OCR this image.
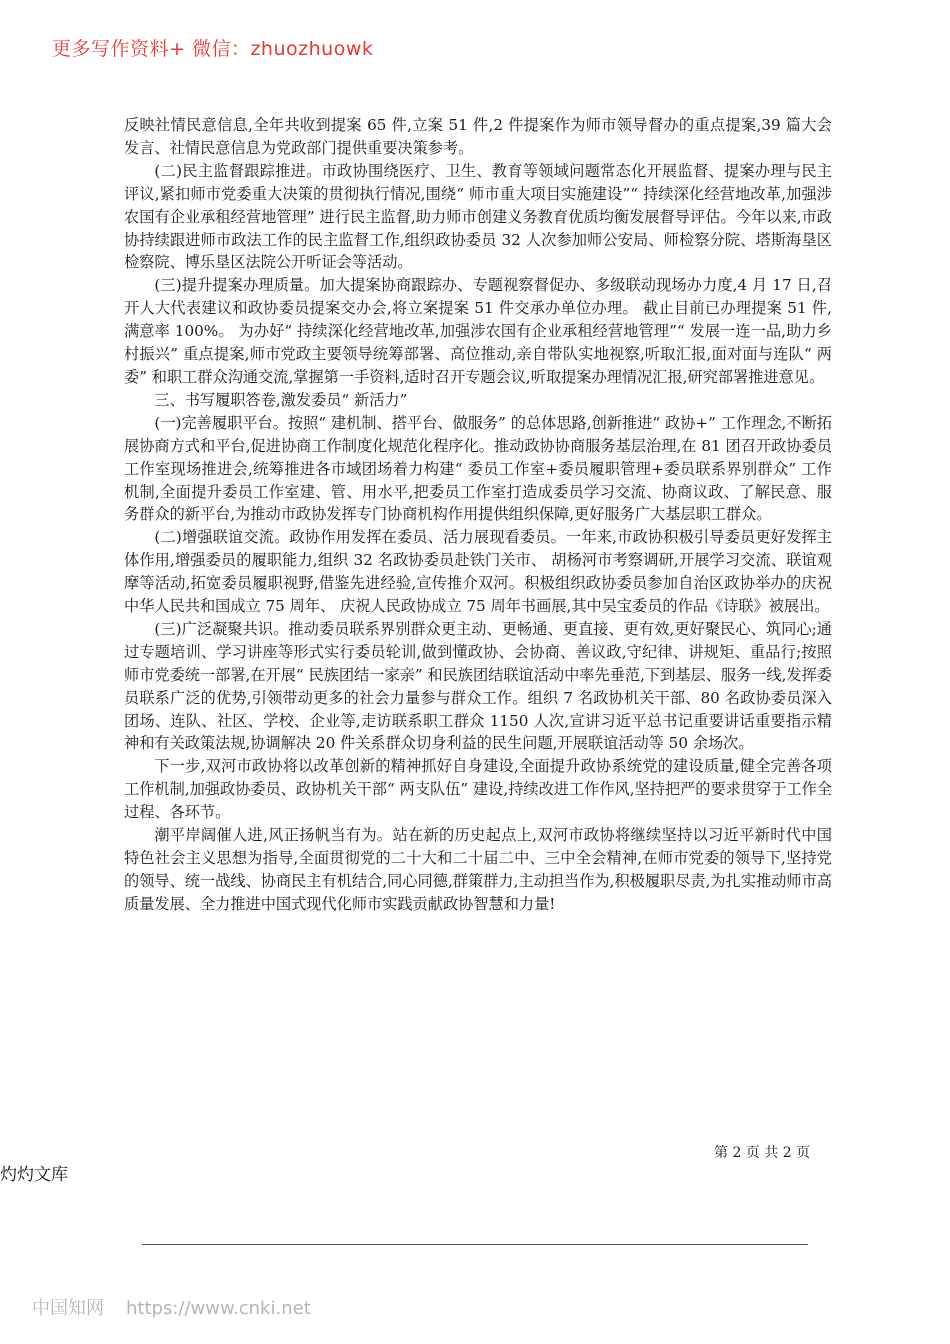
更多写作资料+ 微信：zhuozhuowk

反映社情民意信息,全年共收到提案 65 件,立案 51 件,2 件提案作为师市领导督办的重点提案,39 篇大会发言、社情民意信息为党政部门提供重要决策参考。

(二)民主监督跟踪推进。市政协围绕医疗、卫生、教育等领域问题常态化开展监督、提案办理与民主评议,紧扣师市党委重大决策的贯彻执行情况,围绕“ 师市重大项目实施建设”“ 持续深化经营地改革,加强涉农国有企业承租经营地管理” 进行民主监督,助力师市创建义务教育优质均衡发展督导评估。今年以来,市政协持续跟进师市政法工作的民主监督工作,组织政协委员 32 人次参加师公安局、师检察分院、塔斯海垦区检察院、博乐垦区法院公开听证会等活动。

(三)提升提案办理质量。加大提案协商跟踪办、专题视察督促办、多级联动现场办力度,4 月 17 日,召开人大代表建议和政协委员提案交办会,将立案提案 51 件交承办单位办理。 截止目前已办理提案 51 件,满意率 100%。 为办好“ 持续深化经营地改革,加强涉农国有企业承租经营地管理”“ 发展一连一品,助力乡村振兴” 重点提案,师市党政主要领导统筹部署、高位推动,亲自带队实地视察,听取汇报,面对面与连队“ 两委” 和职工群众沟通交流,掌握第一手资料,适时召开专题会议,听取提案办理情况汇报,研究部署推进意见。

三、书写履职答卷,激发委员“ 新活力”

(一)完善履职平台。按照“ 建机制、搭平台、做服务” 的总体思路,创新推进“ 政协+” 工作理念,不断拓展协商方式和平台,促进协商工作制度化规范化程序化。推动政协协商服务基层治理,在 81 团召开政协委员工作室现场推进会,统筹推进各市域团场着力构建“ 委员工作室+委员履职管理+委员联系界别群众” 工作机制,全面提升委员工作室建、管、用水平,把委员工作室打造成委员学习交流、协商议政、了解民意、服务群众的新平台,为推动市政协发挥专门协商机构作用提供组织保障,更好服务广大基层职工群众。

(二)增强联谊交流。政协作用发挥在委员、活力展现看委员。一年来,市政协积极引导委员更好发挥主体作用,增强委员的履职能力,组织 32 名政协委员赴铁门关市、 胡杨河市考察调研,开展学习交流、联谊观摩等活动,拓宽委员履职视野,借鉴先进经验,宣传推介双河。积极组织政协委员参加自治区政协举办的庆祝中华人民共和国成立 75 周年、 庆祝人民政协成立 75 周年书画展,其中吴宝委员的作品《诗联》被展出。

(三)广泛凝聚共识。推动委员联系界别群众更主动、更畅通、更直接、更有效,更好聚民心、筑同心;通过专题培训、学习讲座等形式实行委员轮训,做到懂政协、会协商、善议政,守纪律、讲规矩、重品行;按照师市党委统一部署,在开展“ 民族团结一家亲” 和民族团结联谊活动中率先垂范,下到基层、服务一线,发挥委员联系广泛的优势,引领带动更多的社会力量参与群众工作。组织 7 名政协机关干部、80 名政协委员深入团场、连队、社区、学校、企业等,走访联系职工群众 1150 人次,宣讲习近平总书记重要讲话重要指示精神和有关政策法规,协调解决 20 件关系群众切身利益的民生问题,开展联谊活动等 50 余场次。

下一步,双河市政协将以改革创新的精神抓好自身建设,全面提升政协系统党的建设质量,健全完善各项工作机制,加强政协委员、政协机关干部“ 两支队伍” 建设,持续改进工作作风,坚持把严的要求贯穿于工作全过程、各环节。

潮平岸阔催人进,风正扬帆当有为。站在新的历史起点上,双河市政协将继续坚持以习近平新时代中国特色社会主义思想为指导,全面贯彻党的二十大和二十届二中、三中全会精神,在师市党委的领导下,坚持党的领导、统一战线、协商民主有机结合,同心同德,群策群力,主动担当作为,积极履职尽责,为扎实推动师市高质量发展、全力推进中国式现代化师市实践贡献政协智慧和力量!

第 2 页 共 2 页
灼灼文库
中国知网 https://www.cnki.net
